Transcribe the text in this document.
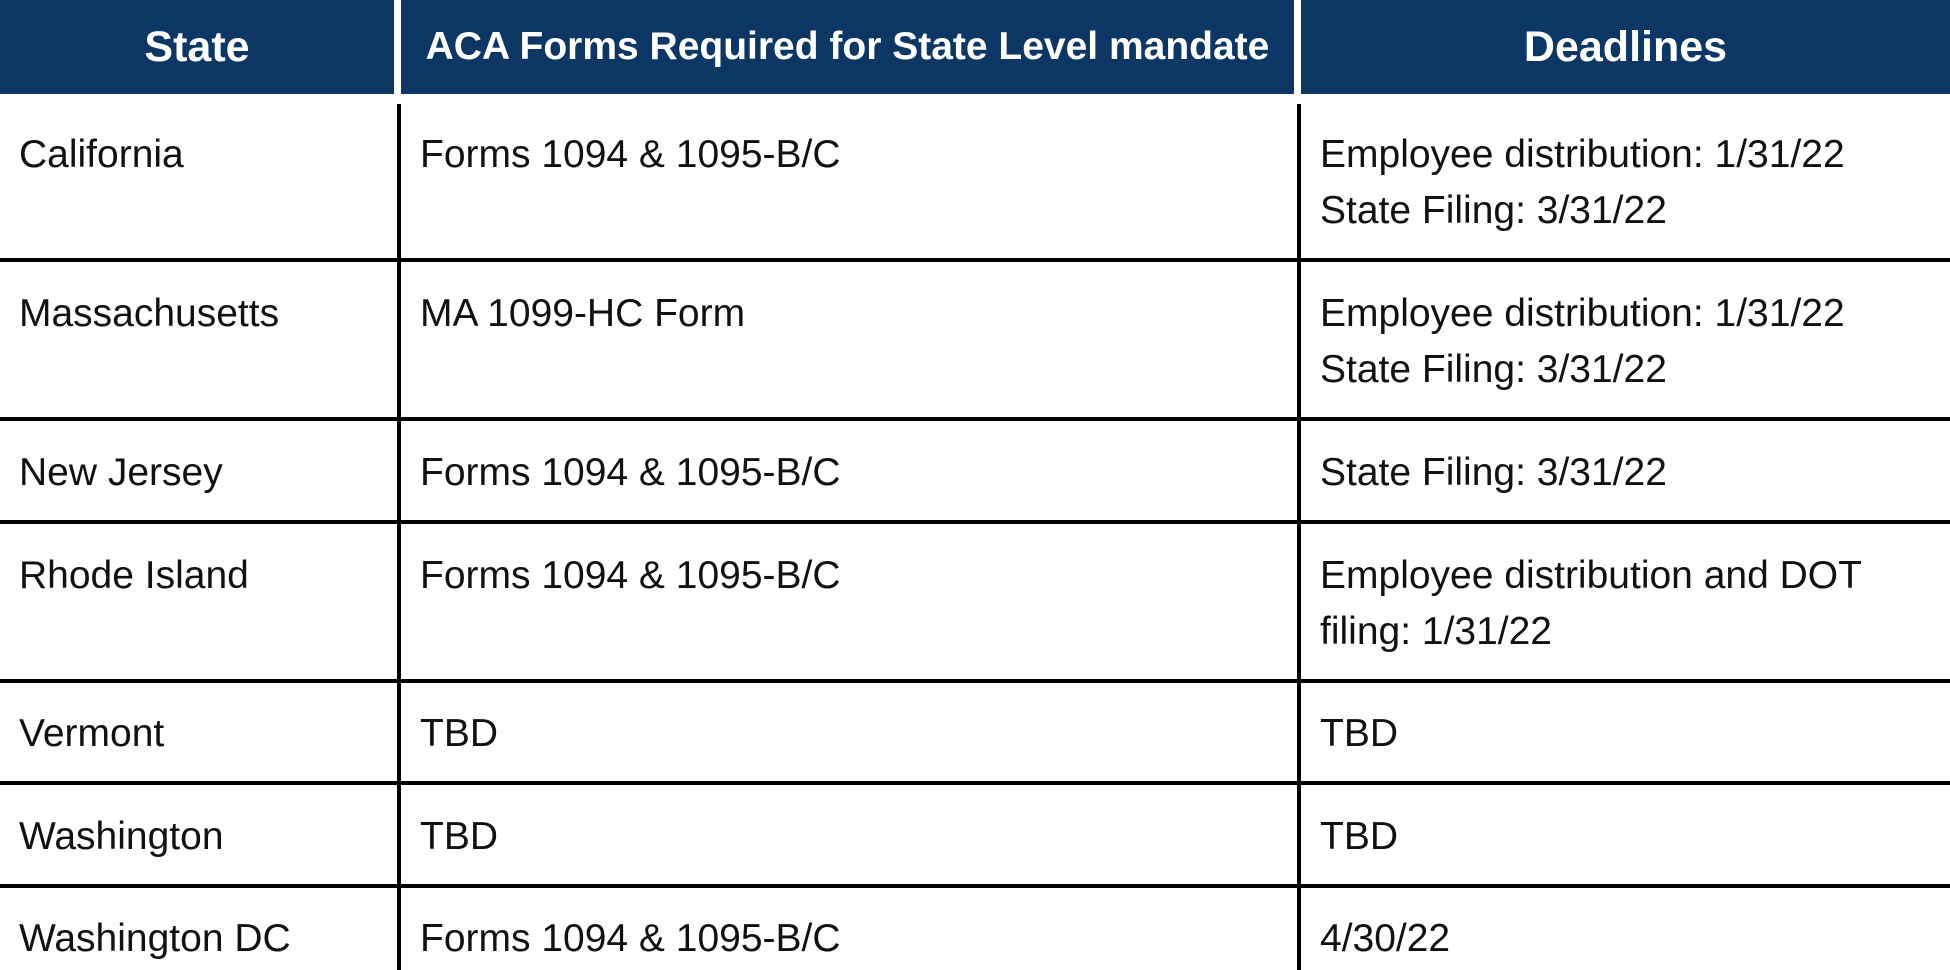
State	ACA Forms Required for State Level mandate	Deadlines
California	Forms 1094 & 1095-B/C	Employee distribution: 1/31/22
State Filing: 3/31/22
Massachusetts	MA 1099-HC Form	Employee distribution: 1/31/22
State Filing: 3/31/22
New Jersey	Forms 1094 & 1095-B/C	State Filing: 3/31/22
Rhode Island	Forms 1094 & 1095-B/C	Employee distribution and DOT
filing: 1/31/22
Vermont	TBD	TBD
Washington	TBD	TBD
Washington DC	Forms 1094 & 1095-B/C	4/30/22
